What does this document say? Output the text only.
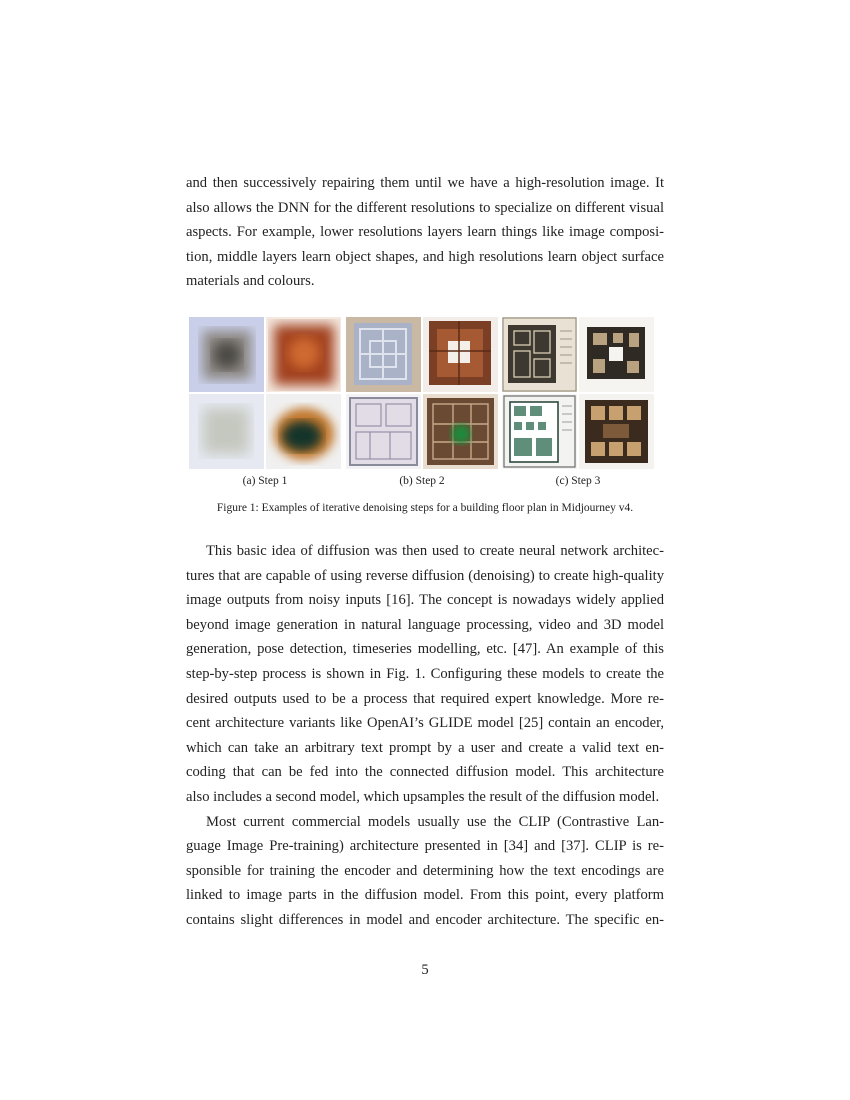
and then successively repairing them until we have a high-resolution image. It
also allows the DNN for the different resolutions to specialize on different visual
aspects. For example, lower resolutions layers learn things like image composi-
tion, middle layers learn object shapes, and high resolutions learn object surface
materials and colours.
(a) Step 1	(b) Step 2	(c) Step 3
Figure 1: Examples of iterative denoising steps for a building floor plan in Midjourney v4.
This basic idea of diffusion was then used to create neural network architec-
tures that are capable of using reverse diffusion (denoising) to create high-quality
image outputs from noisy inputs [16]. The concept is nowadays widely applied
beyond image generation in natural language processing, video and 3D model
generation, pose detection, timeseries modelling, etc. [47]. An example of this
step-by-step process is shown in Fig. 1. Configuring these models to create the
desired outputs used to be a process that required expert knowledge. More re-
cent architecture variants like OpenAI’s GLIDE model [25] contain an encoder,
which can take an arbitrary text prompt by a user and create a valid text en-
coding that can be fed into the connected diffusion model. This architecture
also includes a second model, which upsamples the result of the diffusion model.
Most current commercial models usually use the CLIP (Contrastive Lan-
guage Image Pre-training) architecture presented in [34] and [37]. CLIP is re-
sponsible for training the encoder and determining how the text encodings are
linked to image parts in the diffusion model. From this point, every platform
contains slight differences in model and encoder architecture. The specific en-
5
